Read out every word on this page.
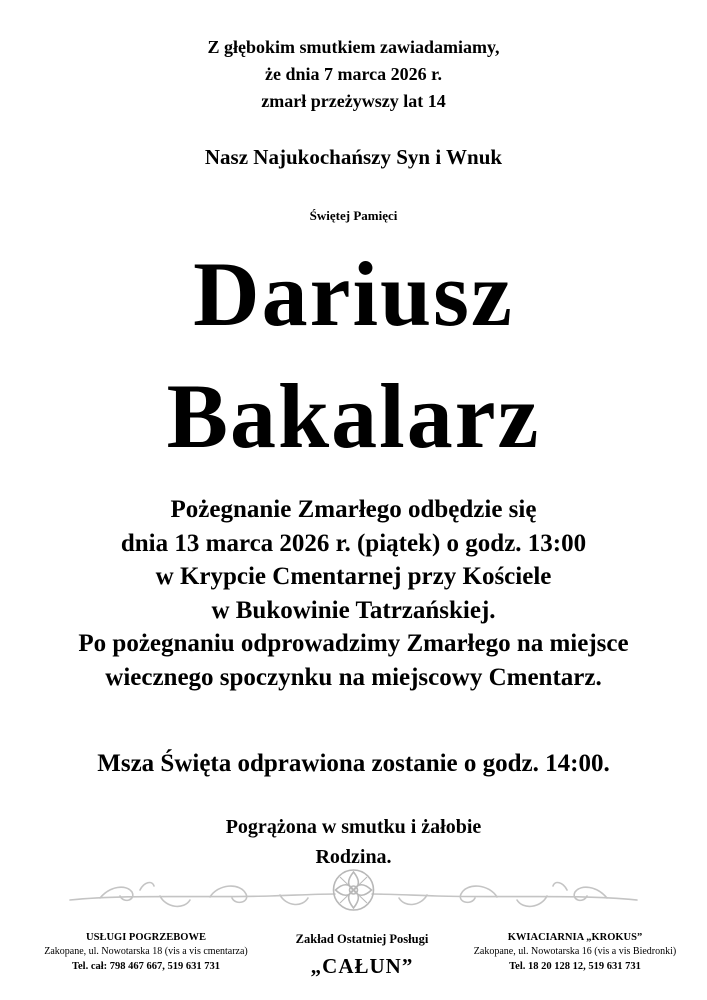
Z głębokim smutkiem zawiadamiamy,
że dnia 7 marca 2026 r.
zmarł przeżywszy lat 14
Nasz Najukochańszy Syn i Wnuk
Świętej Pamięci
Dariusz
Bakalarz
Pożegnanie Zmarłego odbędzie się
dnia 13 marca 2026 r. (piątek) o godz. 13:00
w Krypcie Cmentarnej przy Kościele
w Bukowinie Tatrzańskiej.
Po pożegnaniu odprowadzimy Zmarłego na miejsce
wiecznego spoczynku na miejscowy Cmentarz.
Msza Święta odprawiona zostanie o godz. 14:00.
Pogrążona w smutku i żałobie
Rodzina.
USŁUGI POGRZEBOWE
Zakopane, ul. Nowotarska 18 (vis a vis cmentarza)
Tel. cał: 798 467 667, 519 631 731
Zakład Ostatniej Posługi
„CAŁUN”
KWIACIARNIA „KROKUS”
Zakopane, ul. Nowotarska 16 (vis a vis Biedronki)
Tel. 18 20 128 12, 519 631 731
